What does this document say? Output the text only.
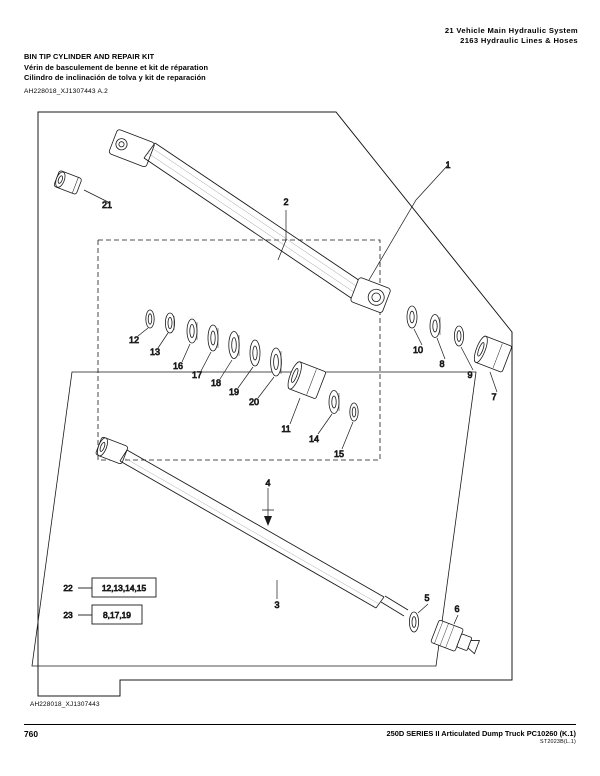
21 Vehicle Main Hydraulic System
2163 Hydraulic Lines & Hoses
BIN TIP CYLINDER AND REPAIR KIT
Vérin de basculement de benne et kit de réparation
Cilindro de inclinación de tolva y kit de reparación
AH228018_XJ1307443 A.2
1
2
21
12
13
16
17
18
19
20
11
14
15
10
8
9
7
4
3
5
6
22	12,13,14,15
23	8,17,19
AH228018_XJ1307443
760	250D SERIES II Articulated Dump Truck PC10260 (K.1)
ST2023B(L.1)
